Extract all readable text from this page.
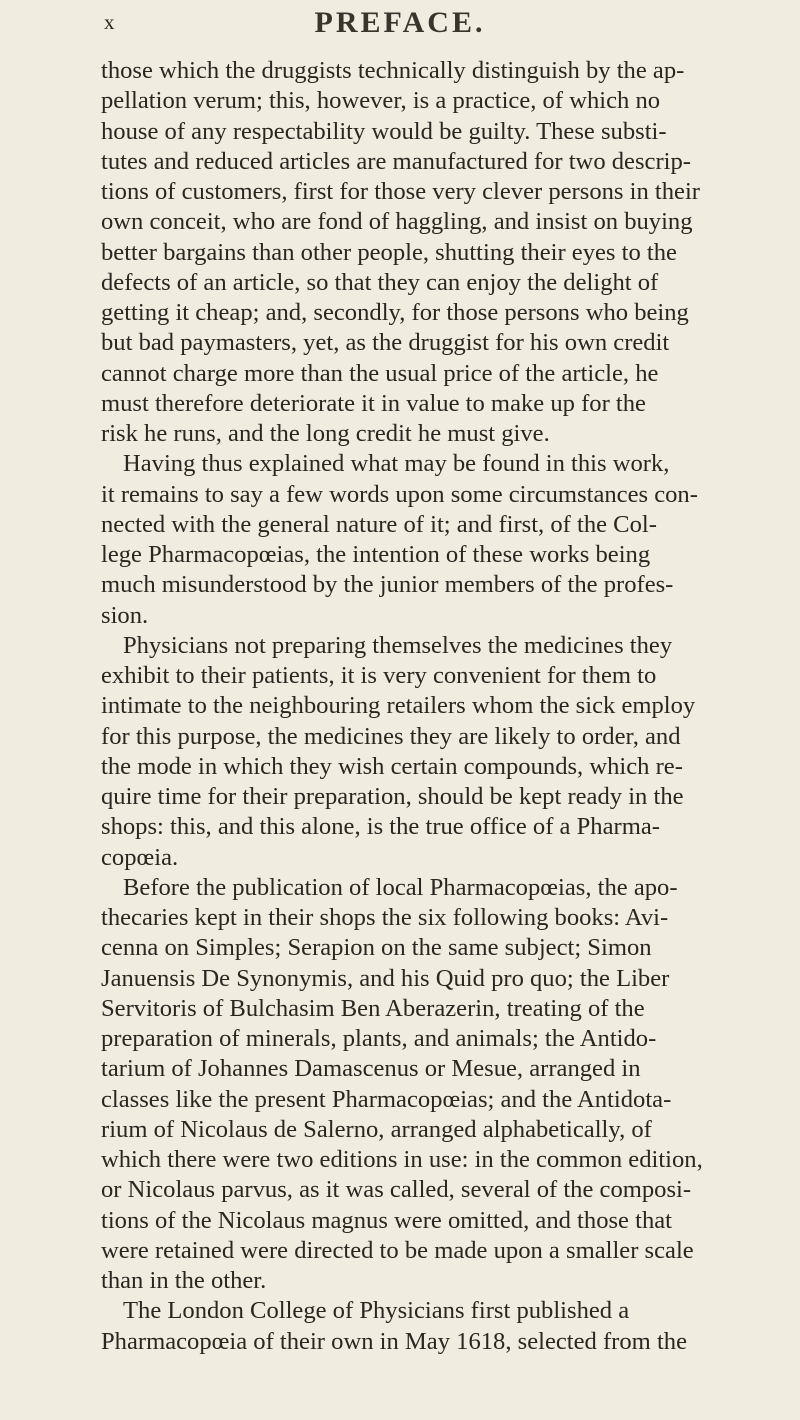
x	PREFACE.
those which the druggists technically distinguish by the ap-
pellation verum; this, however, is a practice, of which no
house of any respectability would be guilty. These substi-
tutes and reduced articles are manufactured for two descrip-
tions of customers, first for those very clever persons in their
own conceit, who are fond of haggling, and insist on buying
better bargains than other people, shutting their eyes to the
defects of an article, so that they can enjoy the delight of
getting it cheap; and, secondly, for those persons who being
but bad paymasters, yet, as the druggist for his own credit
cannot charge more than the usual price of the article, he
must therefore deteriorate it in value to make up for the
risk he runs, and the long credit he must give.
Having thus explained what may be found in this work,
it remains to say a few words upon some circumstances con-
nected with the general nature of it; and first, of the Col-
lege Pharmacopœias, the intention of these works being
much misunderstood by the junior members of the profes-
sion.
Physicians not preparing themselves the medicines they
exhibit to their patients, it is very convenient for them to
intimate to the neighbouring retailers whom the sick employ
for this purpose, the medicines they are likely to order, and
the mode in which they wish certain compounds, which re-
quire time for their preparation, should be kept ready in the
shops: this, and this alone, is the true office of a Pharma-
copœia.
Before the publication of local Pharmacopœias, the apo-
thecaries kept in their shops the six following books: Avi-
cenna on Simples; Serapion on the same subject; Simon
Januensis De Synonymis, and his Quid pro quo; the Liber
Servitoris of Bulchasim Ben Aberazerin, treating of the
preparation of minerals, plants, and animals; the Antido-
tarium of Johannes Damascenus or Mesue, arranged in
classes like the present Pharmacopœias; and the Antidota-
rium of Nicolaus de Salerno, arranged alphabetically, of
which there were two editions in use: in the common edition,
or Nicolaus parvus, as it was called, several of the composi-
tions of the Nicolaus magnus were omitted, and those that
were retained were directed to be made upon a smaller scale
than in the other.
The London College of Physicians first published a
Pharmacopœia of their own in May 1618, selected from the
